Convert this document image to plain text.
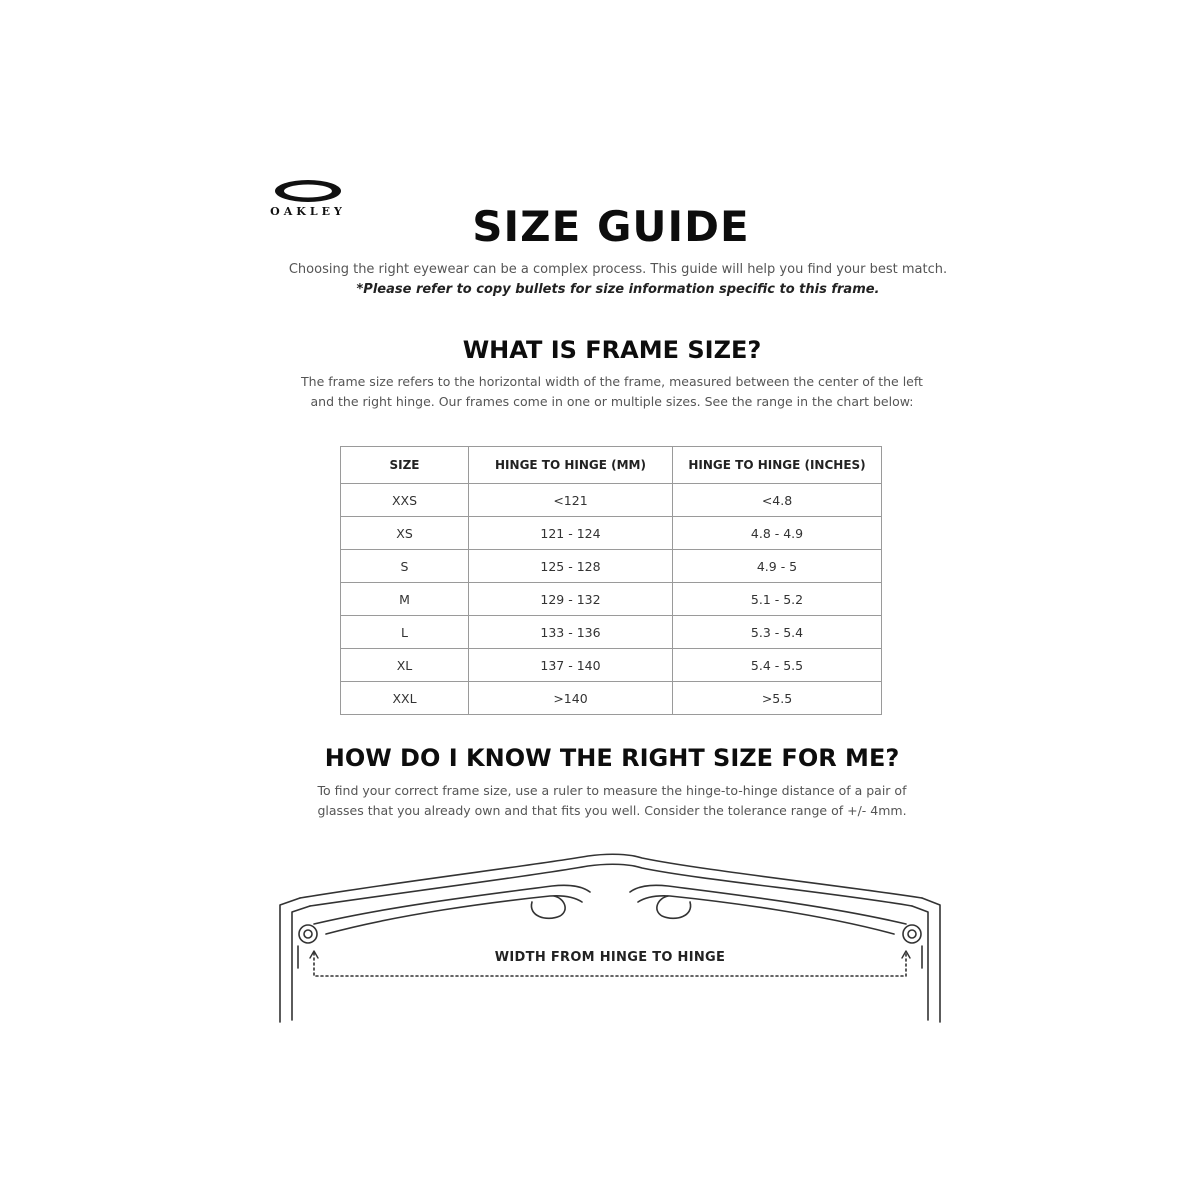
OAKLEY	SIZE GUIDE
Choosing the right eyewear can be a complex process. This guide will help you find your best match.
*Please refer to copy bullets for size information specific to this frame.
WHAT IS FRAME SIZE?
The frame size refers to the horizontal width of the frame, measured between the center of the left
and the right hinge. Our frames come in one or multiple sizes. See the range in the chart below:
SIZE	HINGE TO HINGE (MM)	HINGE TO HINGE (INCHES)
XXS	<121	<4.8
XS	121 - 124	4.8 - 4.9
S	125 - 128	4.9 - 5
M	129 - 132	5.1 - 5.2
L	133 - 136	5.3 - 5.4
XL	137 - 140	5.4 - 5.5
XXL	>140	>5.5
HOW DO I KNOW THE RIGHT SIZE FOR ME?
To find your correct frame size, use a ruler to measure the hinge-to-hinge distance of a pair of
glasses that you already own and that fits you well. Consider the tolerance range of +/- 4mm.
WIDTH FROM HINGE TO HINGE
